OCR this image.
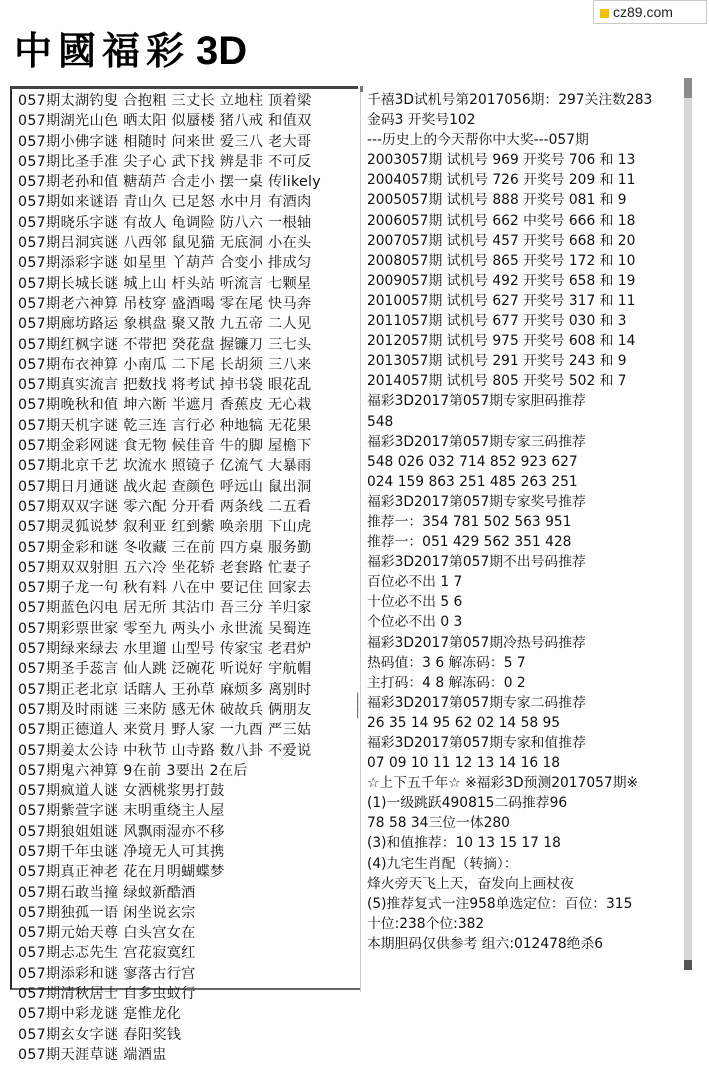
中國福彩 3D
cz89.com
057期太湖钓叟 合抱粗 三丈长 立地柱 顶着梁
057期湖光山色 晒太阳 似蜃楼 猪八戒 和值双
057期小佛字谜 相随时 问来世 爱三八 老大哥
057期比圣手准 尖子心 武下找 辨是非 不可反
057期老孙和值 糖葫芦 合走小 摆一桌 传likely
057期如来谜语 青山久 已足怒 水中月 有酒肉
057期晓乐字谜 有故人 龟调险 防八六 一根轴
057期吕洞宾谜 八西邻 鼠见猫 无底洞 小在头
057期添彩字谜 如星里 丫葫芦 合变小 排成匀
057期长城长谜 城上山 杆头站 听流言 七颗星
057期老六神算 吊枝穿 盛酒喝 零在尾 快马奔
057期廊坊路运 象棋盘 聚又散 九五帝 二人见
057期红枫字谜 不带把 癸花盘 握镰刀 三七头
057期布衣神算 小南瓜 二下尾 长胡须 三八来
057期真实流言 把数找 将考试 掉书袋 眼花乱
057期晚秋和值 坤六断 半遮月 香蕉皮 无心栽
057期天机字谜 乾三连 言行必 种地犒 无花果
057期金彩网谜 食无物 候佳音 牛的脚 屋檐下
057期北京千艺 坎流水 照镜子 亿流气 大暴雨
057期日月通谜 战火起 查颜色 呼远山 鼠出洞
057期双双字谜 零六配 分开看 两条线 二五看
057期灵狐说梦 叙利亚 红到紫 唤亲朋 下山虎
057期金彩和谜 冬收藏 三在前 四方桌 服务勤
057期双双射胆 五六冷 坐花轿 老套路 忙妻子
057期子龙一句 秋有料 八在中 要记住 回家去
057期蓝色闪电 居无所 其沾巾 吾三分 羊归家
057期彩票世家 零至九 两头小 永世流 吴蜀连
057期绿来绿去 水里遛 山型号 传家宝 老君炉
057期圣手蕊言 仙人跳 泛碗花 听说好 宇航帽
057期正老北京 话瞎人 王孙草 麻烦多 离别时
057期及时雨谜 三来防 感无休 破故兵 俩朋友
057期正德道人 来赏月 野人家 一九酉 严三姑
057期姜太公诗 中秋节 山寺路 数八卦 不爱说
057期鬼六神算 9在前 3要出 2在后
057期疯道人谜 女洒桃浆男打鼓
057期紫萱字谜 末明重绕主人屋
057期狼姐姐谜 风飘雨湿亦不移
057期千年虫谜 净境无人可其携
057期真正神老 花在月明蝴蝶梦
057期石敢当撞 绿蚁新酷酒
057期独孤一语 闲坐说玄宗
057期元始天尊 白头宫女在
057期忐忑先生 宫花寂寞红
057期添彩和谜 寥落古行宫
057期清秋居士 自多虫蚁行
057期中彩龙谜 寔惟龙化
057期玄女字谜 春阳奖钱
057期天涯草谜 端酒盅
|
|
|
千禧3D试机号第2017056期：297关注数283
金码3 开奖号102
---历史上的今天帮你中大奖---057期
2003057期 试机号 969 开奖号 706 和 13
2004057期 试机号 726 开奖号 209 和 11
2005057期 试机号 888 开奖号 081 和 9
2006057期 试机号 662 中奖号 666 和 18
2007057期 试机号 457 开奖号 668 和 20
2008057期 试机号 865 开奖号 172 和 10
2009057期 试机号 492 开奖号 658 和 19
2010057期 试机号 627 开奖号 317 和 11
2011057期 试机号 677 开奖号 030 和 3
2012057期 试机号 975 开奖号 608 和 14
2013057期 试机号 291 开奖号 243 和 9
2014057期 试机号 805 开奖号 502 和 7
福彩3D2017第057期专家胆码推荐
548
福彩3D2017第057期专家三码推荐
548 026 032 714 852 923 627
024 159 863 251 485 263 251
福彩3D2017第057期专家奖号推荐
推荐一：354 781 502 563 951
推荐一：051 429 562 351 428
福彩3D2017第057期不出号码推荐
百位必不出 1 7
十位必不出 5 6
个位必不出 0 3
福彩3D2017第057期冷热号码推荐
热码值：3 6 解冻码：5 7
主打码：4 8 解冻码：0 2
福彩3D2017第057期专家二码推荐
26 35 14 95 62 02 14 58 95
福彩3D2017第057期专家和值推荐
07 09 10 11 12 13 14 16 18
☆上下五千年☆ ※福彩3D预测2017057期※
(1)一级跳跃490815二码推荐96
78 58 34三位一体280
(3)和值推荐：10 13 15 17 18
(4)九宅生肖配（转摘）：
烽火旁天飞上天，奋发向上画杖夜
(5)推荐复式一注958单选定位：百位：315
十位:238个位:382
本期胆码仅供参考 组六:012478绝杀6
